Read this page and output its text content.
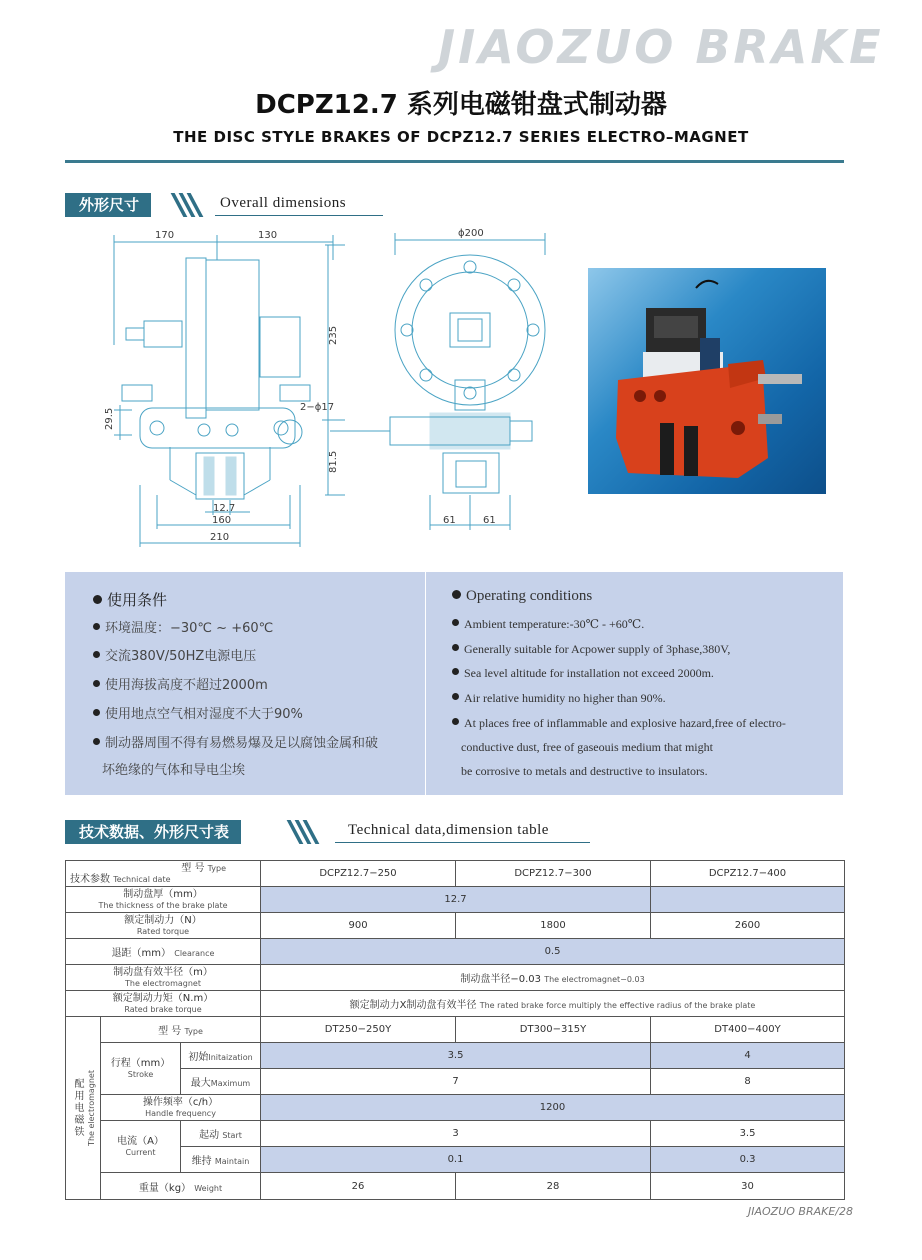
JIAOZUO BRAKE
DCPZ12.7 系列电磁钳盘式制动器
THE DISC STYLE BRAKES OF DCPZ12.7 SERIES ELECTRO–MAGNET
外形尺寸	Overall dimensions
170	130
235
29.5
2−ϕ17
81.5
12.7
160
210
ϕ200
61	61
使用条件
环境温度：−30℃ ~ +60℃
交流380V/50HZ电源电压
使用海拔高度不超过2000m
使用地点空气相对湿度不大于90%
制动器周围不得有易燃易爆及足以腐蚀金属和破
坏绝缘的气体和导电尘埃
Operating conditions
Ambient temperature:-30℃ - +60℃.
Generally suitable for Acpower supply of 3phase,380V,
Sea level altitude for installation not exceed 2000m.
Air relative humidity no higher than 90%.
At places free of inflammable and explosive hazard,free of electro-
conductive dust, free of gaseouis medium that might
be corrosive to metals and destructive to insulators.
技术数据、外形尺寸表	Technical data,dimension table
型 号 Type
技术参数 Technical date			DCPZ12.7−250	DCPZ12.7−300	DCPZ12.7−400

制动盘厚（mm）
The thickness of the brake plate			12.7		

额定制动力（N）
Rated torque			900	1800	2600
退距（mm） Clearance			0.5		

制动盘有效半径（m）
The electromagnet			制动盘半径−0.03 The electromagnet−0.03		

额定制动力矩（N.m）
Rated brake torque			额定制动力X制动盘有效半径 The rated brake force multiply the effective radius of the brake plate		

配用电磁铁 The electromagnet	型 号 Type		DT250−250Y	DT300−315Y	DT400−400Y

	行程（mm）
Stroke	初始Initaization	3.5		4
		最大Maximum	7		8

	操作频率（c/h）
Handle frequency		1200		

	电流（A）
Current	起动 Start	3		3.5
		维持 Maintain	0.1		0.3
	重量（kg） Weight		26	28	30
JIAOZUO BRAKE/28
